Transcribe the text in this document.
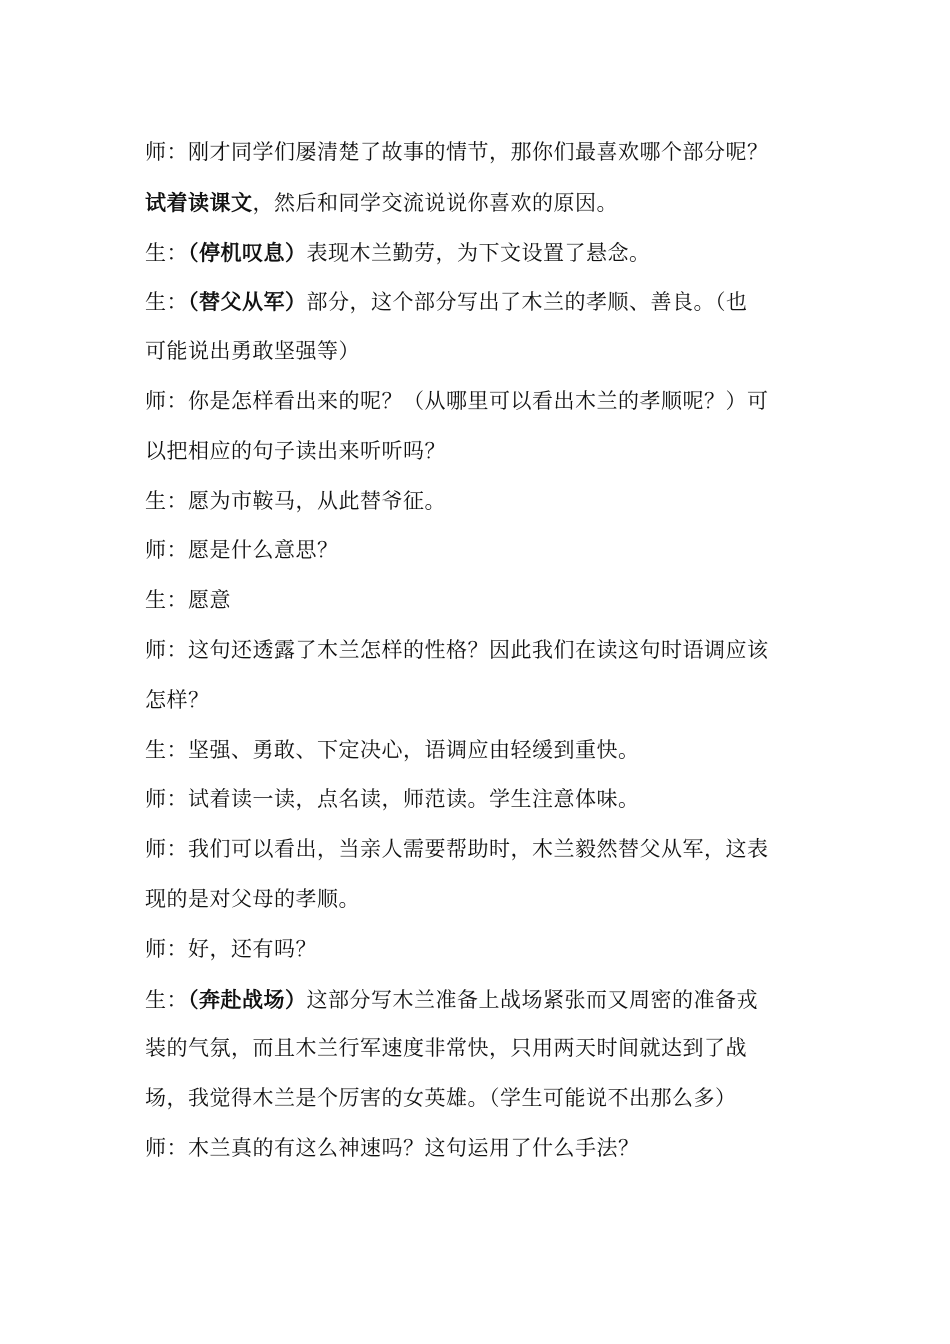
师：刚才同学们屡清楚了故事的情节，那你们最喜欢哪个部分呢？
试着读课文，然后和同学交流说说你喜欢的原因。
生：（停机叹息）表现木兰勤劳，为下文设置了悬念。
生：（替父从军）部分，这个部分写出了木兰的孝顺、善良。（也
可能说出勇敢坚强等）
师：你是怎样看出来的呢？（从哪里可以看出木兰的孝顺呢？）可
以把相应的句子读出来听听吗？
生：愿为市鞍马，从此替爷征。
师：愿是什么意思？
生：愿意
师：这句还透露了木兰怎样的性格？因此我们在读这句时语调应该
怎样？
生：坚强、勇敢、下定决心，语调应由轻缓到重快。
师：试着读一读，点名读，师范读。学生注意体味。
师：我们可以看出，当亲人需要帮助时，木兰毅然替父从军，这表
现的是对父母的孝顺。
师：好，还有吗？
生：（奔赴战场）这部分写木兰准备上战场紧张而又周密的准备戎
装的气氛，而且木兰行军速度非常快，只用两天时间就达到了战
场，我觉得木兰是个厉害的女英雄。（学生可能说不出那么多）
师：木兰真的有这么神速吗？这句运用了什么手法？
